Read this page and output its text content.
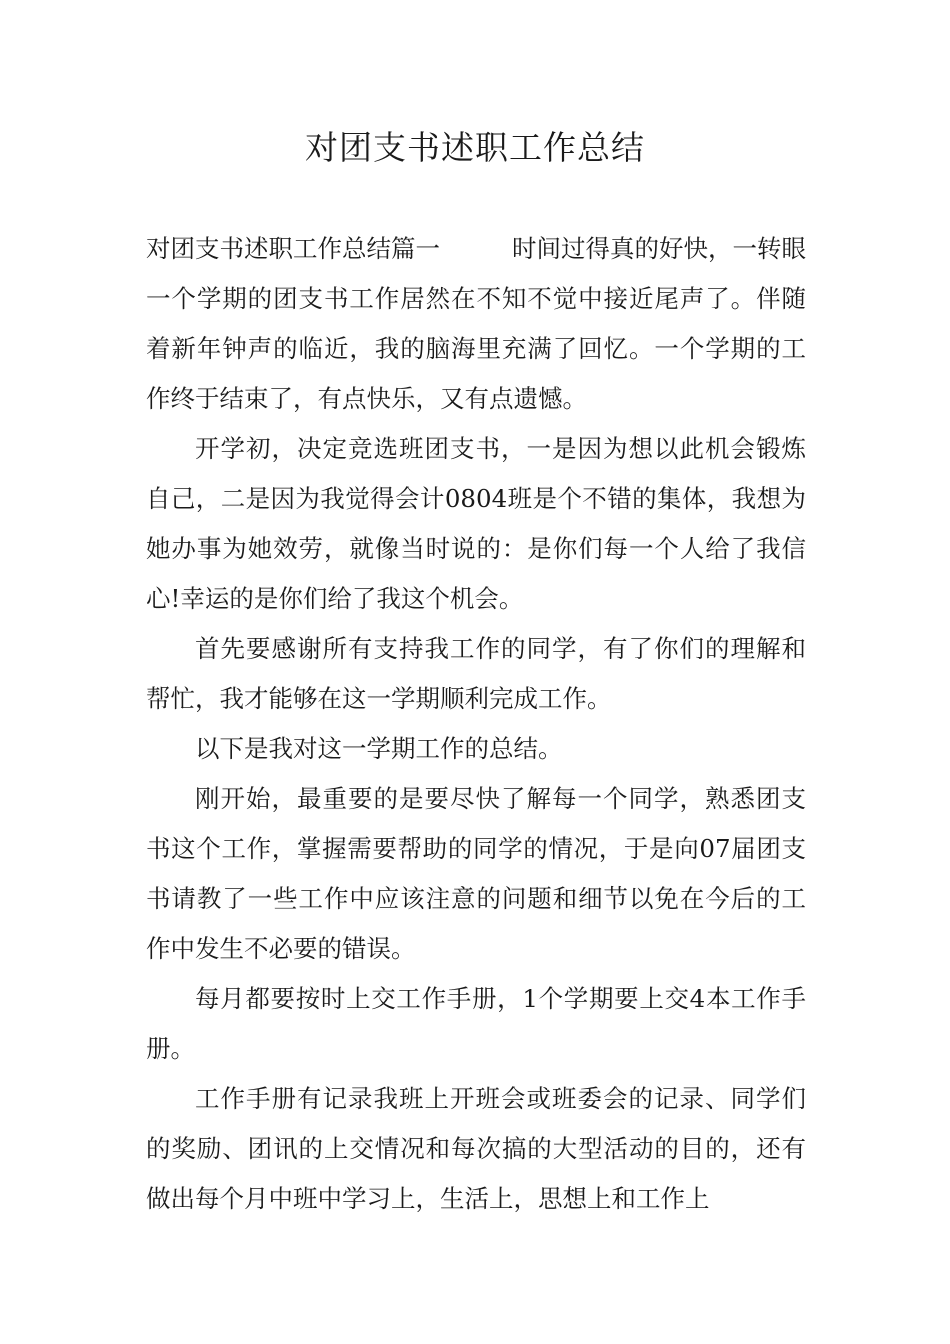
对团支书述职工作总结

对团支书述职工作总结篇一	时间过得真的好快，一转眼一个学期的团支书工作居然在不知不觉中接近尾声了。伴随着新年钟声的临近，我的脑海里充满了回忆。一个学期的工作终于结束了，有点快乐，又有点遗憾。

开学初，决定竞选班团支书，一是因为想以此机会锻炼自己，二是因为我觉得会计0804班是个不错的集体，我想为她办事为她效劳，就像当时说的：是你们每一个人给了我信心!幸运的是你们给了我这个机会。

首先要感谢所有支持我工作的同学，有了你们的理解和帮忙，我才能够在这一学期顺利完成工作。

以下是我对这一学期工作的总结。

刚开始，最重要的是要尽快了解每一个同学，熟悉团支书这个工作，掌握需要帮助的同学的情况，于是向07届团支书请教了一些工作中应该注意的问题和细节以免在今后的工作中发生不必要的错误。

每月都要按时上交工作手册，1个学期要上交4本工作手册。

工作手册有记录我班上开班会或班委会的记录、同学们的奖励、团讯的上交情况和每次搞的大型活动的目的，还有做出每个月中班中学习上，生活上，思想上和工作上
